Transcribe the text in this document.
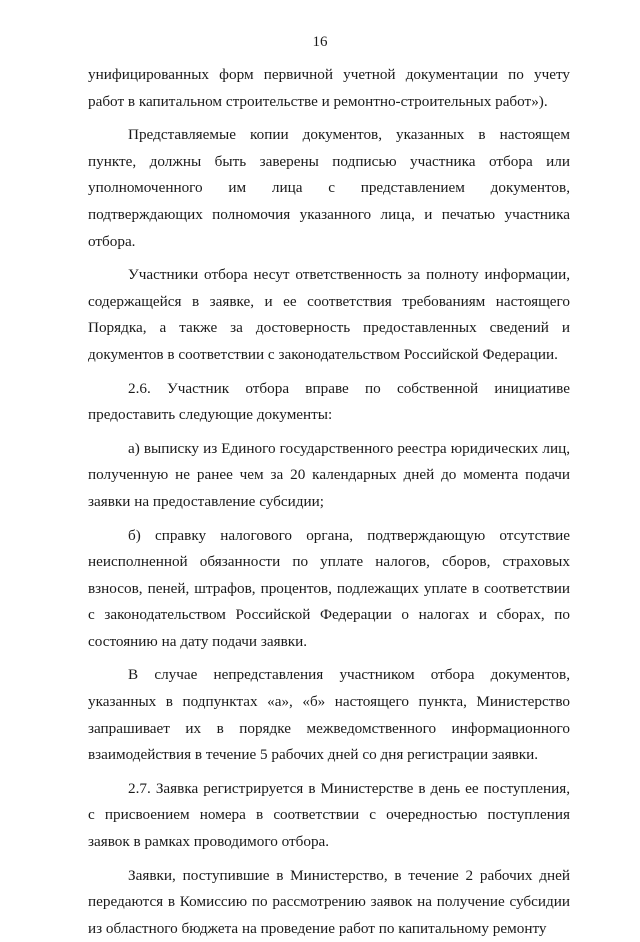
16

унифицированных форм первичной учетной документации по учету работ в капитальном строительстве и ремонтно-строительных работ»).

Представляемые копии документов, указанных в настоящем пункте, должны быть заверены подписью участника отбора или уполномоченного им лица с представлением документов, подтверждающих полномочия указанного лица, и печатью участника отбора.

Участники отбора несут ответственность за полноту информации, содержащейся в заявке, и ее соответствия требованиям настоящего Порядка, а также за достоверность предоставленных сведений и документов в соответствии с законодательством Российской Федерации.

2.6. Участник отбора вправе по собственной инициативе предоставить следующие документы:

а) выписку из Единого государственного реестра юридических лиц, полученную не ранее чем за 20 календарных дней до момента подачи заявки на предоставление субсидии;

б) справку налогового органа, подтверждающую отсутствие неисполненной обязанности по уплате налогов, сборов, страховых взносов, пеней, штрафов, процентов, подлежащих уплате в соответствии с законодательством Российской Федерации о налогах и сборах, по состоянию на дату подачи заявки.

В случае непредставления участником отбора документов, указанных в подпунктах «а», «б» настоящего пункта, Министерство запрашивает их в порядке межведомственного информационного взаимодействия в течение 5 рабочих дней со дня регистрации заявки.

2.7. Заявка регистрируется в Министерстве в день ее поступления, с присвоением номера в соответствии с очередностью поступления заявок в рамках проводимого отбора.

Заявки, поступившие в Министерство, в течение 2 рабочих дней передаются в Комиссию по рассмотрению заявок на получение субсидии из областного бюджета на проведение работ по капитальному ремонту
